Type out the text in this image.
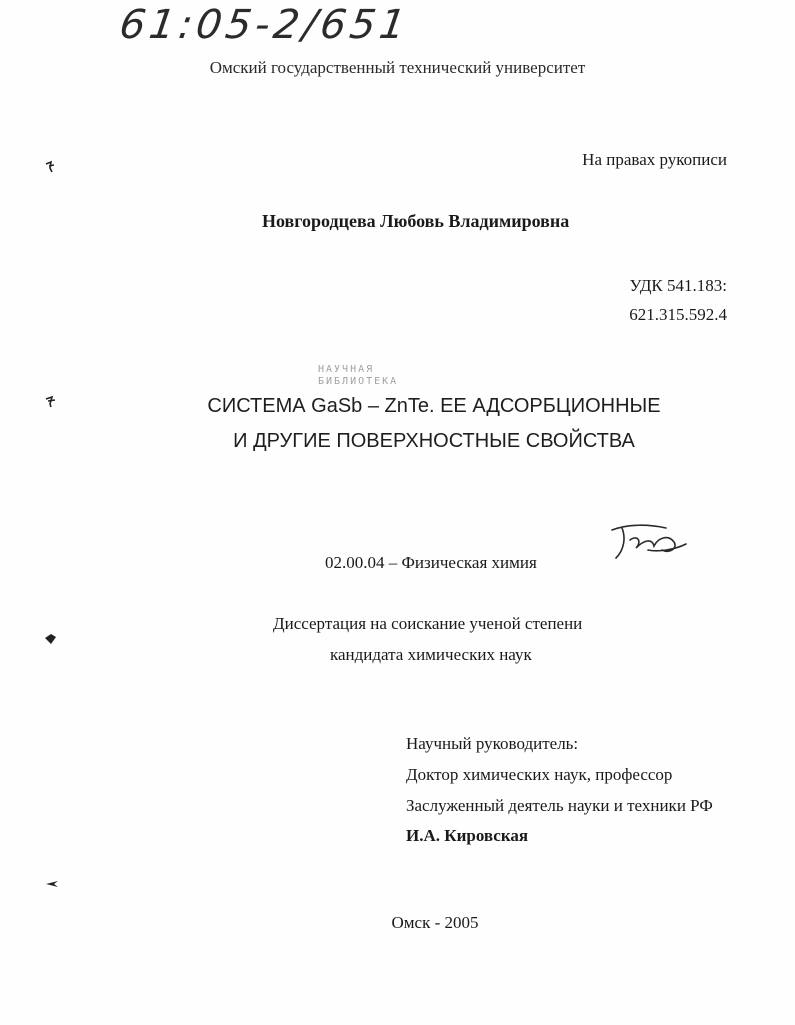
61:05-2/651
Омский государственный технический университет
На правах рукописи
Новгородцева Любовь Владимировна
УДК 541.183:
621.315.592.4
НАУЧНАЯ
БИБЛИОТЕКА
СИСТЕМА GaSb – ZnTe. ЕЕ АДСОРБЦИОННЫЕ
И ДРУГИЕ ПОВЕРХНОСТНЫЕ СВОЙСТВА
02.00.04 – Физическая химия
Диссертация на соискание ученой степени
кандидата химических наук
Научный руководитель:
Доктор химических наук, профессор
Заслуженный деятель науки и техники РФ
И.А. Кировская
Омск - 2005
